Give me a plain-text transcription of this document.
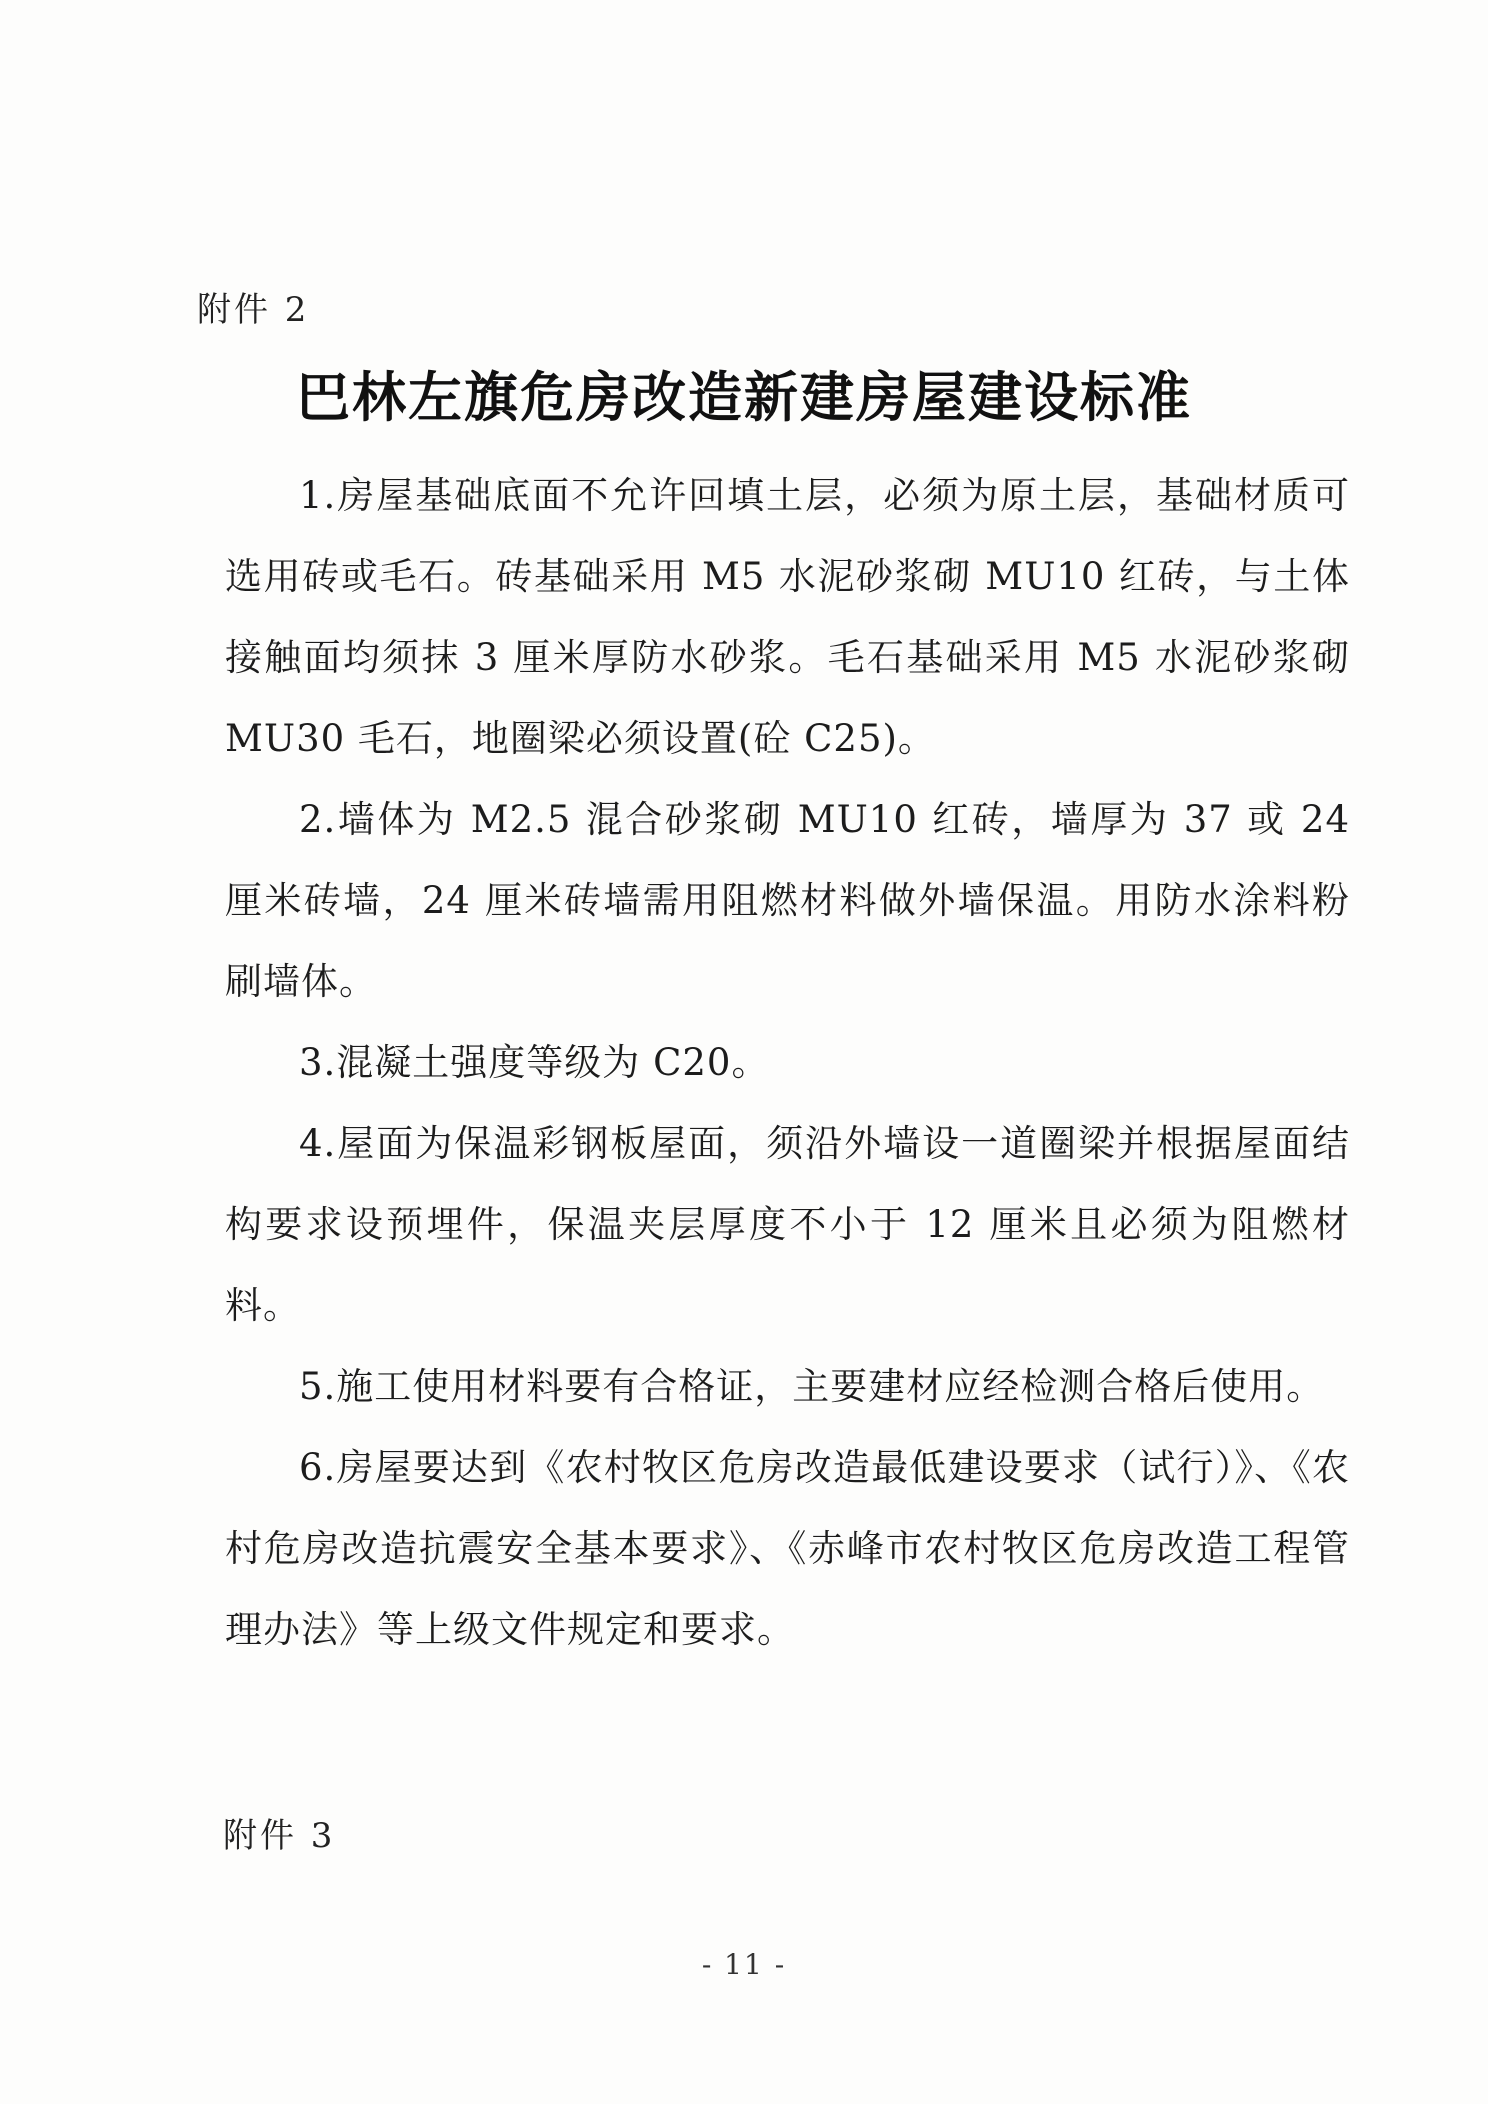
附件 2
巴林左旗危房改造新建房屋建设标准

1.房屋基础底面不允许回填土层，必须为原土层，基础材质可选用砖或毛石。砖基础采用 M5 水泥砂浆砌 MU10 红砖，与土体接触面均须抹 3 厘米厚防水砂浆。毛石基础采用 M5 水泥砂浆砌 MU30 毛石，地圈梁必须设置(砼 C25)。

2.墙体为 M2.5 混合砂浆砌 MU10 红砖，墙厚为 37 或 24 厘米砖墙，24 厘米砖墙需用阻燃材料做外墙保温。用防水涂料粉刷墙体。

3.混凝土强度等级为 C20。

4.屋面为保温彩钢板屋面，须沿外墙设一道圈梁并根据屋面结构要求设预埋件，保温夹层厚度不小于 12 厘米且必须为阻燃材料。

5.施工使用材料要有合格证，主要建材应经检测合格后使用。

6.房屋要达到《农村牧区危房改造最低建设要求（试行）》、《农村危房改造抗震安全基本要求》、《赤峰市农村牧区危房改造工程管理办法》等上级文件规定和要求。

附件 3
- 11 -
